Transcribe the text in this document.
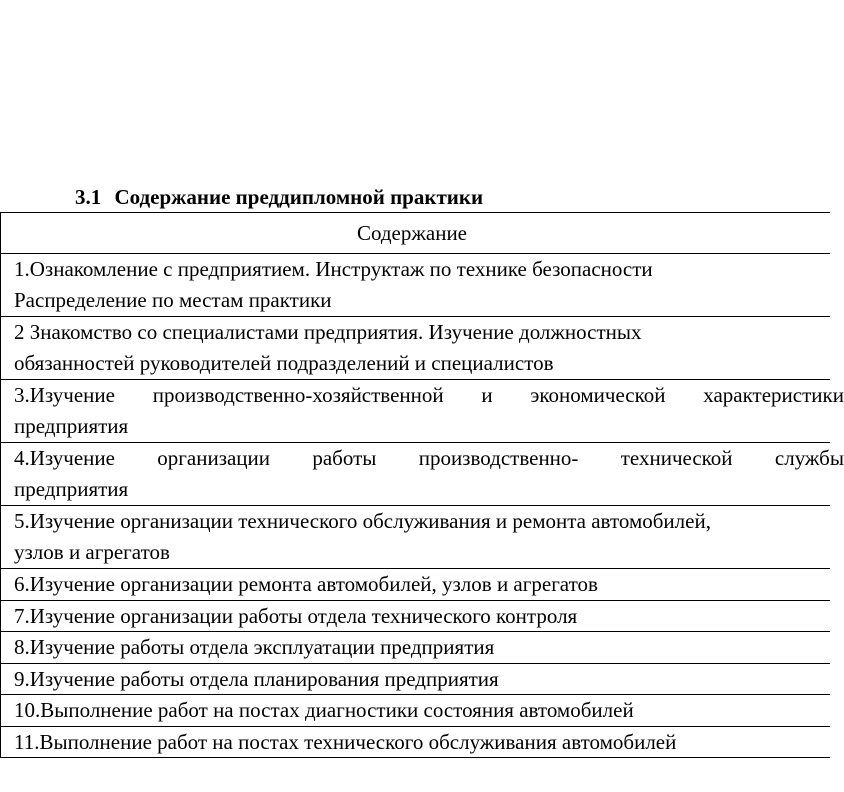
3.1 Содержание преддипломной практики
Содержание
1.Ознакомление с предприятием. Инструктаж по технике безопасности
Распределение по местам практики
2 Знакомство со специалистами предприятия. Изучение должностных
обязанностей руководителей подразделений и специалистов
3.Изучение производственно-хозяйственной и экономической характеристики
предприятия
4.Изучение организации работы производственно- технической службы
предприятия
5.Изучение организации технического обслуживания и ремонта автомобилей,
узлов и агрегатов
6.Изучение организации ремонта автомобилей, узлов и агрегатов
7.Изучение организации работы отдела технического контроля
8.Изучение работы отдела эксплуатации предприятия
9.Изучение работы отдела планирования предприятия
10.Выполнение работ на постах диагностики состояния автомобилей
11.Выполнение работ на постах технического обслуживания автомобилей
